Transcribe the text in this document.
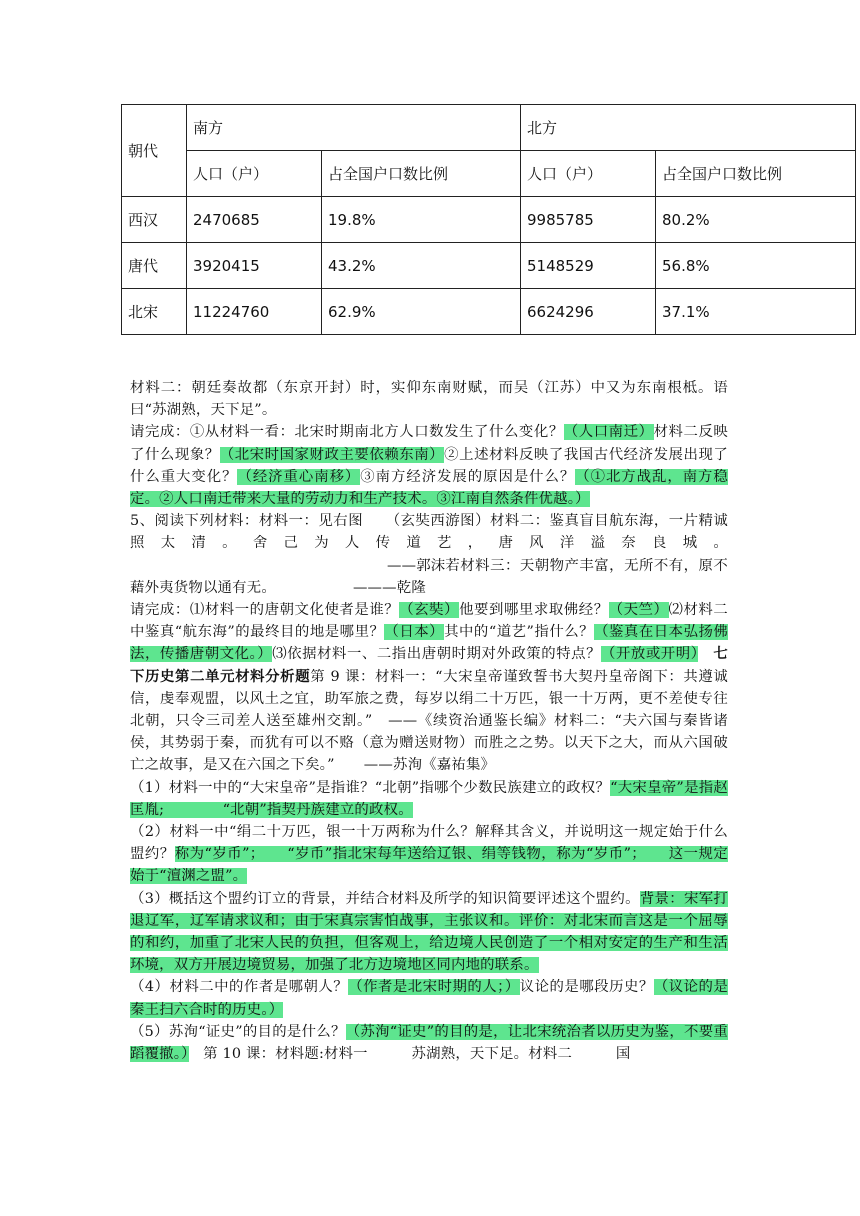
朝代	南方		北方	
	人口（户）	占全国户口数比例	人口（户）	占全国户口数比例
西汉	2470685	19.8%	9985785	80.2%
唐代	3920415	43.2%	5148529	56.8%
北宋	11224760	62.9%	6624296	37.1%

材料二：朝廷奏故都（东京开封）时，实仰东南财赋，而吴（江苏）中又为东南根柢。语曰“苏湖熟，天下足”。

请完成：①从材料一看：北宋时期南北方人口数发生了什么变化？（人口南迁）材料二反映了什么现象？（北宋时国家财政主要依赖东南）②上述材料反映了我国古代经济发展出现了什么重大变化？（经济重心南移）③南方经济发展的原因是什么？（①北方战乱，南方稳定。②人口南迁带来大量的劳动力和生产技术。③江南自然条件优越。）

5、阅读下列材料：材料一：见右图　　（玄奘西游图）材料二：鉴真盲目航东海，一片精诚照太清。舍己为人传道艺，唐风洋溢奈良城。——郭沫若材料三：天朝物产丰富，无所不有，原不藉外夷货物以通有无。	———乾隆

请完成：⑴材料一的唐朝文化使者是谁？（玄奘）他要到哪里求取佛经？（天竺）⑵材料二中鉴真“航东海”的最终目的地是哪里？（日本）其中的“道艺”指什么？（鉴真在日本弘扬佛法，传播唐朝文化。）⑶依据材料一、二指出唐朝时期对外政策的特点？（开放或开明）　 七下历史第二单元材料分析题第 9 课：材料一：“大宋皇帝谨致誓书大契丹皇帝阁下：共遵诚信，虔奉观盟，以风土之宜，助军旅之费，每岁以绢二十万匹，银一十万两，更不差使专往北朝，只令三司差人送至雄州交割。”　——《续资治通鉴长编》材料二：“夫六国与秦皆诸侯，其势弱于秦，而犹有可以不赂（意为赠送财物）而胜之之势。以天下之大，而从六国破亡之故事，是又在六国之下矣。”　　——苏洵《嘉祐集》

（1）材料一中的“大宋皇帝”是指谁？“北朝”指哪个少数民族建立的政权？“大宋皇帝”是指赵匡胤;　　　　“北朝”指契丹族建立的政权。

（2）材料一中“绢二十万匹，银一十万两称为什么？解释其含义，并说明这一规定始于什么盟约？称为“岁币”；　　“岁币”指北宋每年送给辽银、绢等钱物，称为“岁币”；　　这一规定始于“澶渊之盟”。

（3）概括这个盟约订立的背景，并结合材料及所学的知识简要评述这个盟约。背景：宋军打退辽军，辽军请求议和；由于宋真宗害怕战事，主张议和。评价：对北宋而言这是一个屈辱的和约，加重了北宋人民的负担，但客观上，给边境人民创造了一个相对安定的生产和生活环境，双方开展边境贸易，加强了北方边境地区同内地的联系。

（4）材料二中的作者是哪朝人？（作者是北宋时期的人；）议论的是哪段历史？（议论的是秦王扫六合时的历史。）

（5）苏洵“证史”的目的是什么？（苏洵“证史”的目的是，让北宋统治者以历史为鉴，不要重蹈覆撤。）　第 10 课：材料题:材料一　　　苏湖熟，天下足。材料二　　　国
